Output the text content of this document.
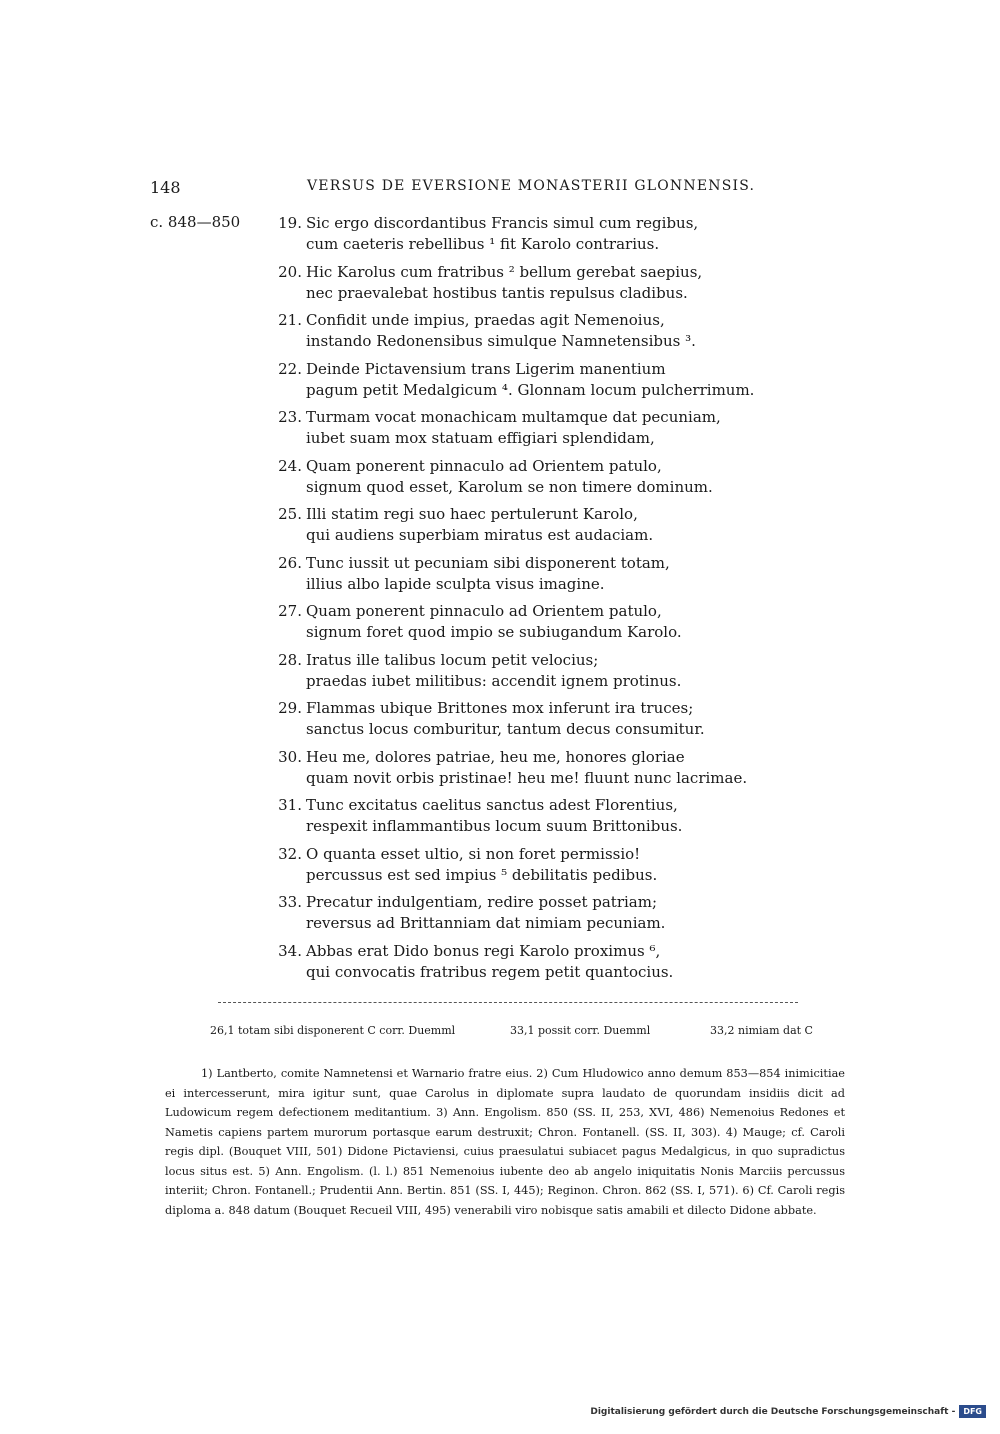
148	VERSUS DE EVERSIONE MONASTERII GLONNENSIS.
c. 848—850	19. Sic ergo discordantibus Francis simul cum regibus,
cum caeteris rebellibus ¹ fit Karolo contrarius.
20. Hic Karolus cum fratribus ² bellum gerebat saepius,
nec praevalebat hostibus tantis repulsus cladibus.
21. Confidit unde impius, praedas agit Nemenoius,
instando Redonensibus simulque Namnetensibus ³.
22. Deinde Pictavensium trans Ligerim manentium
pagum petit Medalgicum ⁴. Glonnam locum pulcherrimum.
23. Turmam vocat monachicam multamque dat pecuniam,
iubet suam mox statuam effigiari splendidam,
24. Quam ponerent pinnaculo ad Orientem patulo,
signum quod esset, Karolum se non timere dominum.
25. Illi statim regi suo haec pertulerunt Karolo,
qui audiens superbiam miratus est audaciam.
26. Tunc iussit ut pecuniam sibi disponerent totam,
illius albo lapide sculpta visus imagine.
27. Quam ponerent pinnaculo ad Orientem patulo,
signum foret quod impio se subiugandum Karolo.
28. Iratus ille talibus locum petit velocius;
praedas iubet militibus: accendit ignem protinus.
29. Flammas ubique Brittones mox inferunt ira truces;
sanctus locus comburitur, tantum decus consumitur.
30. Heu me, dolores patriae, heu me, honores gloriae
quam novit orbis pristinae! heu me! fluunt nunc lacrimae.
31. Tunc excitatus caelitus sanctus adest Florentius,
respexit inflammantibus locum suum Brittonibus.
32. O quanta esset ultio, si non foret permissio!
percussus est sed impius ⁵ debilitatis pedibus.
33. Precatur indulgentiam, redire posset patriam;
reversus ad Brittanniam dat nimiam pecuniam.
34. Abbas erat Dido bonus regi Karolo proximus ⁶,
qui convocatis fratribus regem petit quantocius.
26,1 totam sibi disponerent C corr. Duemml	33,1 possit corr. Duemml	33,2 nimiam dat C

1) Lantberto, comite Namnetensi et Warnario fratre eius. 2) Cum Hludowico anno demum 853—854 inimicitiae ei intercesserunt, mira igitur sunt, quae Carolus in diplomate supra laudato de quorundam insidiis dicit ad Ludowicum regem defectionem meditantium. 3) Ann. Engolism. 850 (SS. II, 253, XVI, 486) Nemenoius Redones et Nametis capiens partem murorum portasque earum destruxit; Chron. Fontanell. (SS. II, 303). 4) Mauge; cf. Caroli regis dipl. (Bouquet VIII, 501) Didone Pictaviensi, cuius praesulatui subiacet pagus Medalgicus, in quo supradictus locus situs est. 5) Ann. Engolism. (l. l.) 851 Nemenoius iubente deo ab angelo iniquitatis Nonis Marciis percussus interiit; Chron. Fontanell.; Prudentii Ann. Bertin. 851 (SS. I, 445); Reginon. Chron. 862 (SS. I, 571). 6) Cf. Caroli regis diploma a. 848 datum (Bouquet Recueil VIII, 495) venerabili viro nobisque satis amabili et dilecto Didone abbate.

Digitalisierung gefördert durch die Deutsche Forschungsgemeinschaft -	DFG
